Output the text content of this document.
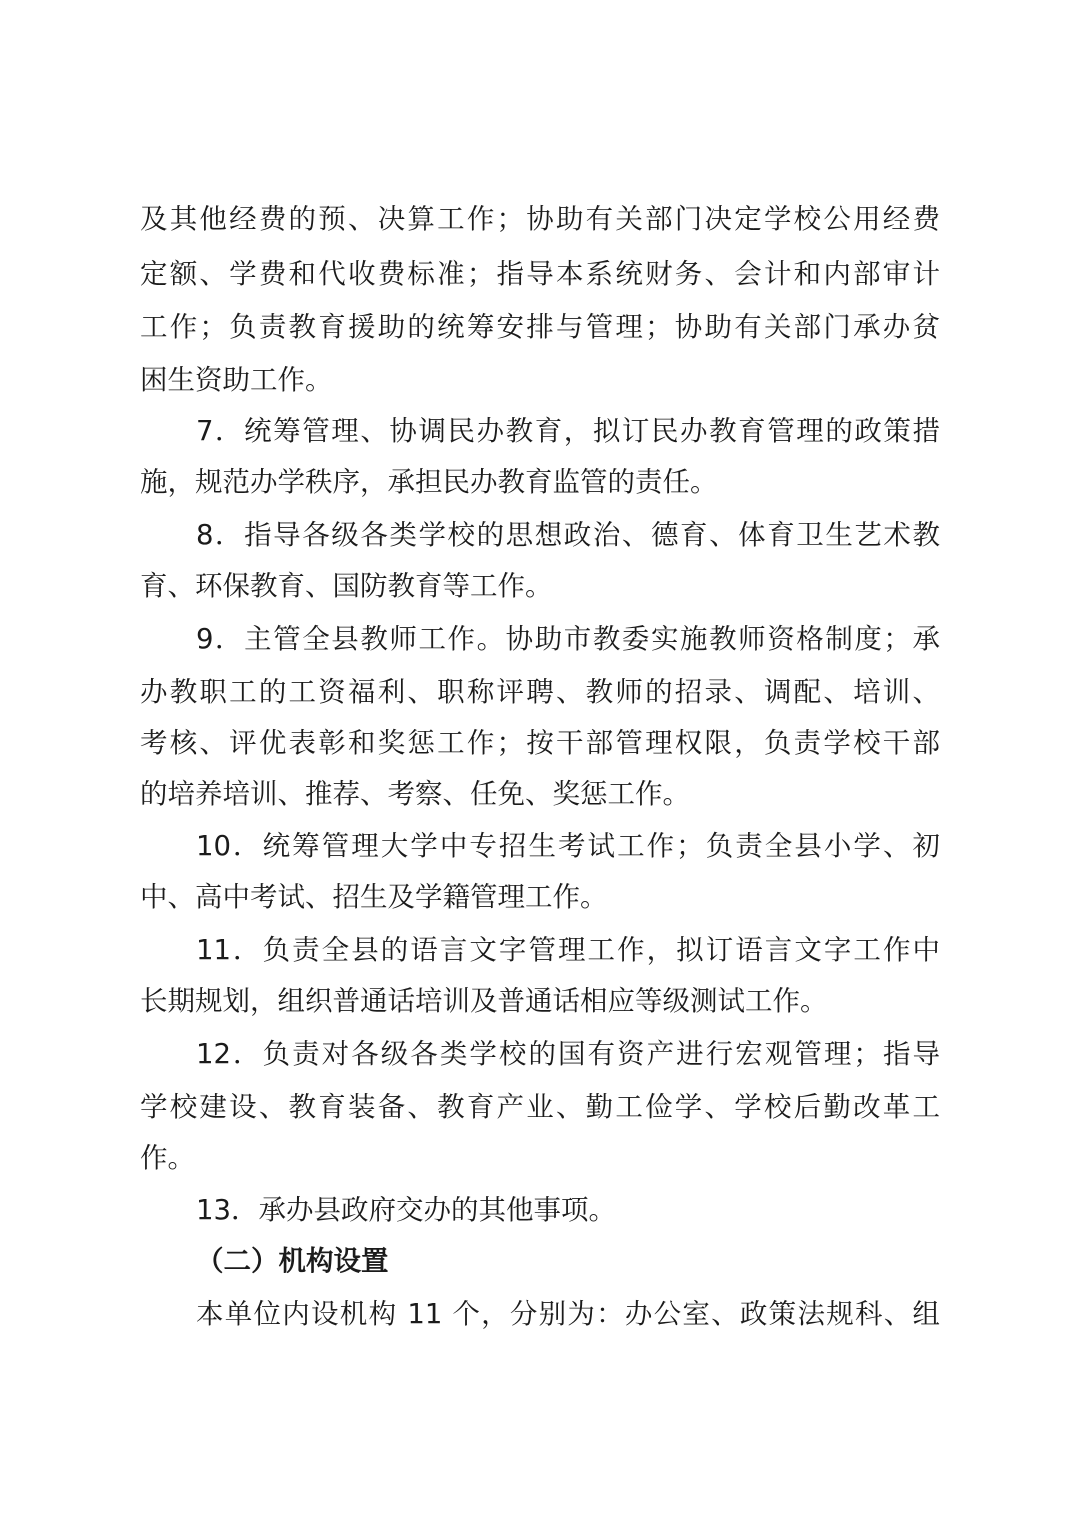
及其他经费的预、决算工作；协助有关部门决定学校公用经费

定额、学费和代收费标准；指导本系统财务、会计和内部审计

工作；负责教育援助的统筹安排与管理；协助有关部门承办贫

困生资助工作。

7．统筹管理、协调民办教育，拟订民办教育管理的政策措

施，规范办学秩序，承担民办教育监管的责任。

8．指导各级各类学校的思想政治、德育、体育卫生艺术教

育、环保教育、国防教育等工作。

9．主管全县教师工作。协助市教委实施教师资格制度；承

办教职工的工资福利、职称评聘、教师的招录、调配、培训、

考核、评优表彰和奖惩工作；按干部管理权限，负责学校干部

的培养培训、推荐、考察、任免、奖惩工作。

10．统筹管理大学中专招生考试工作；负责全县小学、初

中、高中考试、招生及学籍管理工作。

11．负责全县的语言文字管理工作，拟订语言文字工作中

长期规划，组织普通话培训及普通话相应等级测试工作。

12．负责对各级各类学校的国有资产进行宏观管理；指导

学校建设、教育装备、教育产业、勤工俭学、学校后勤改革工

作。

13．承办县政府交办的其他事项。

（二）机构设置

本单位内设机构 11 个，分别为：办公室、政策法规科、组
